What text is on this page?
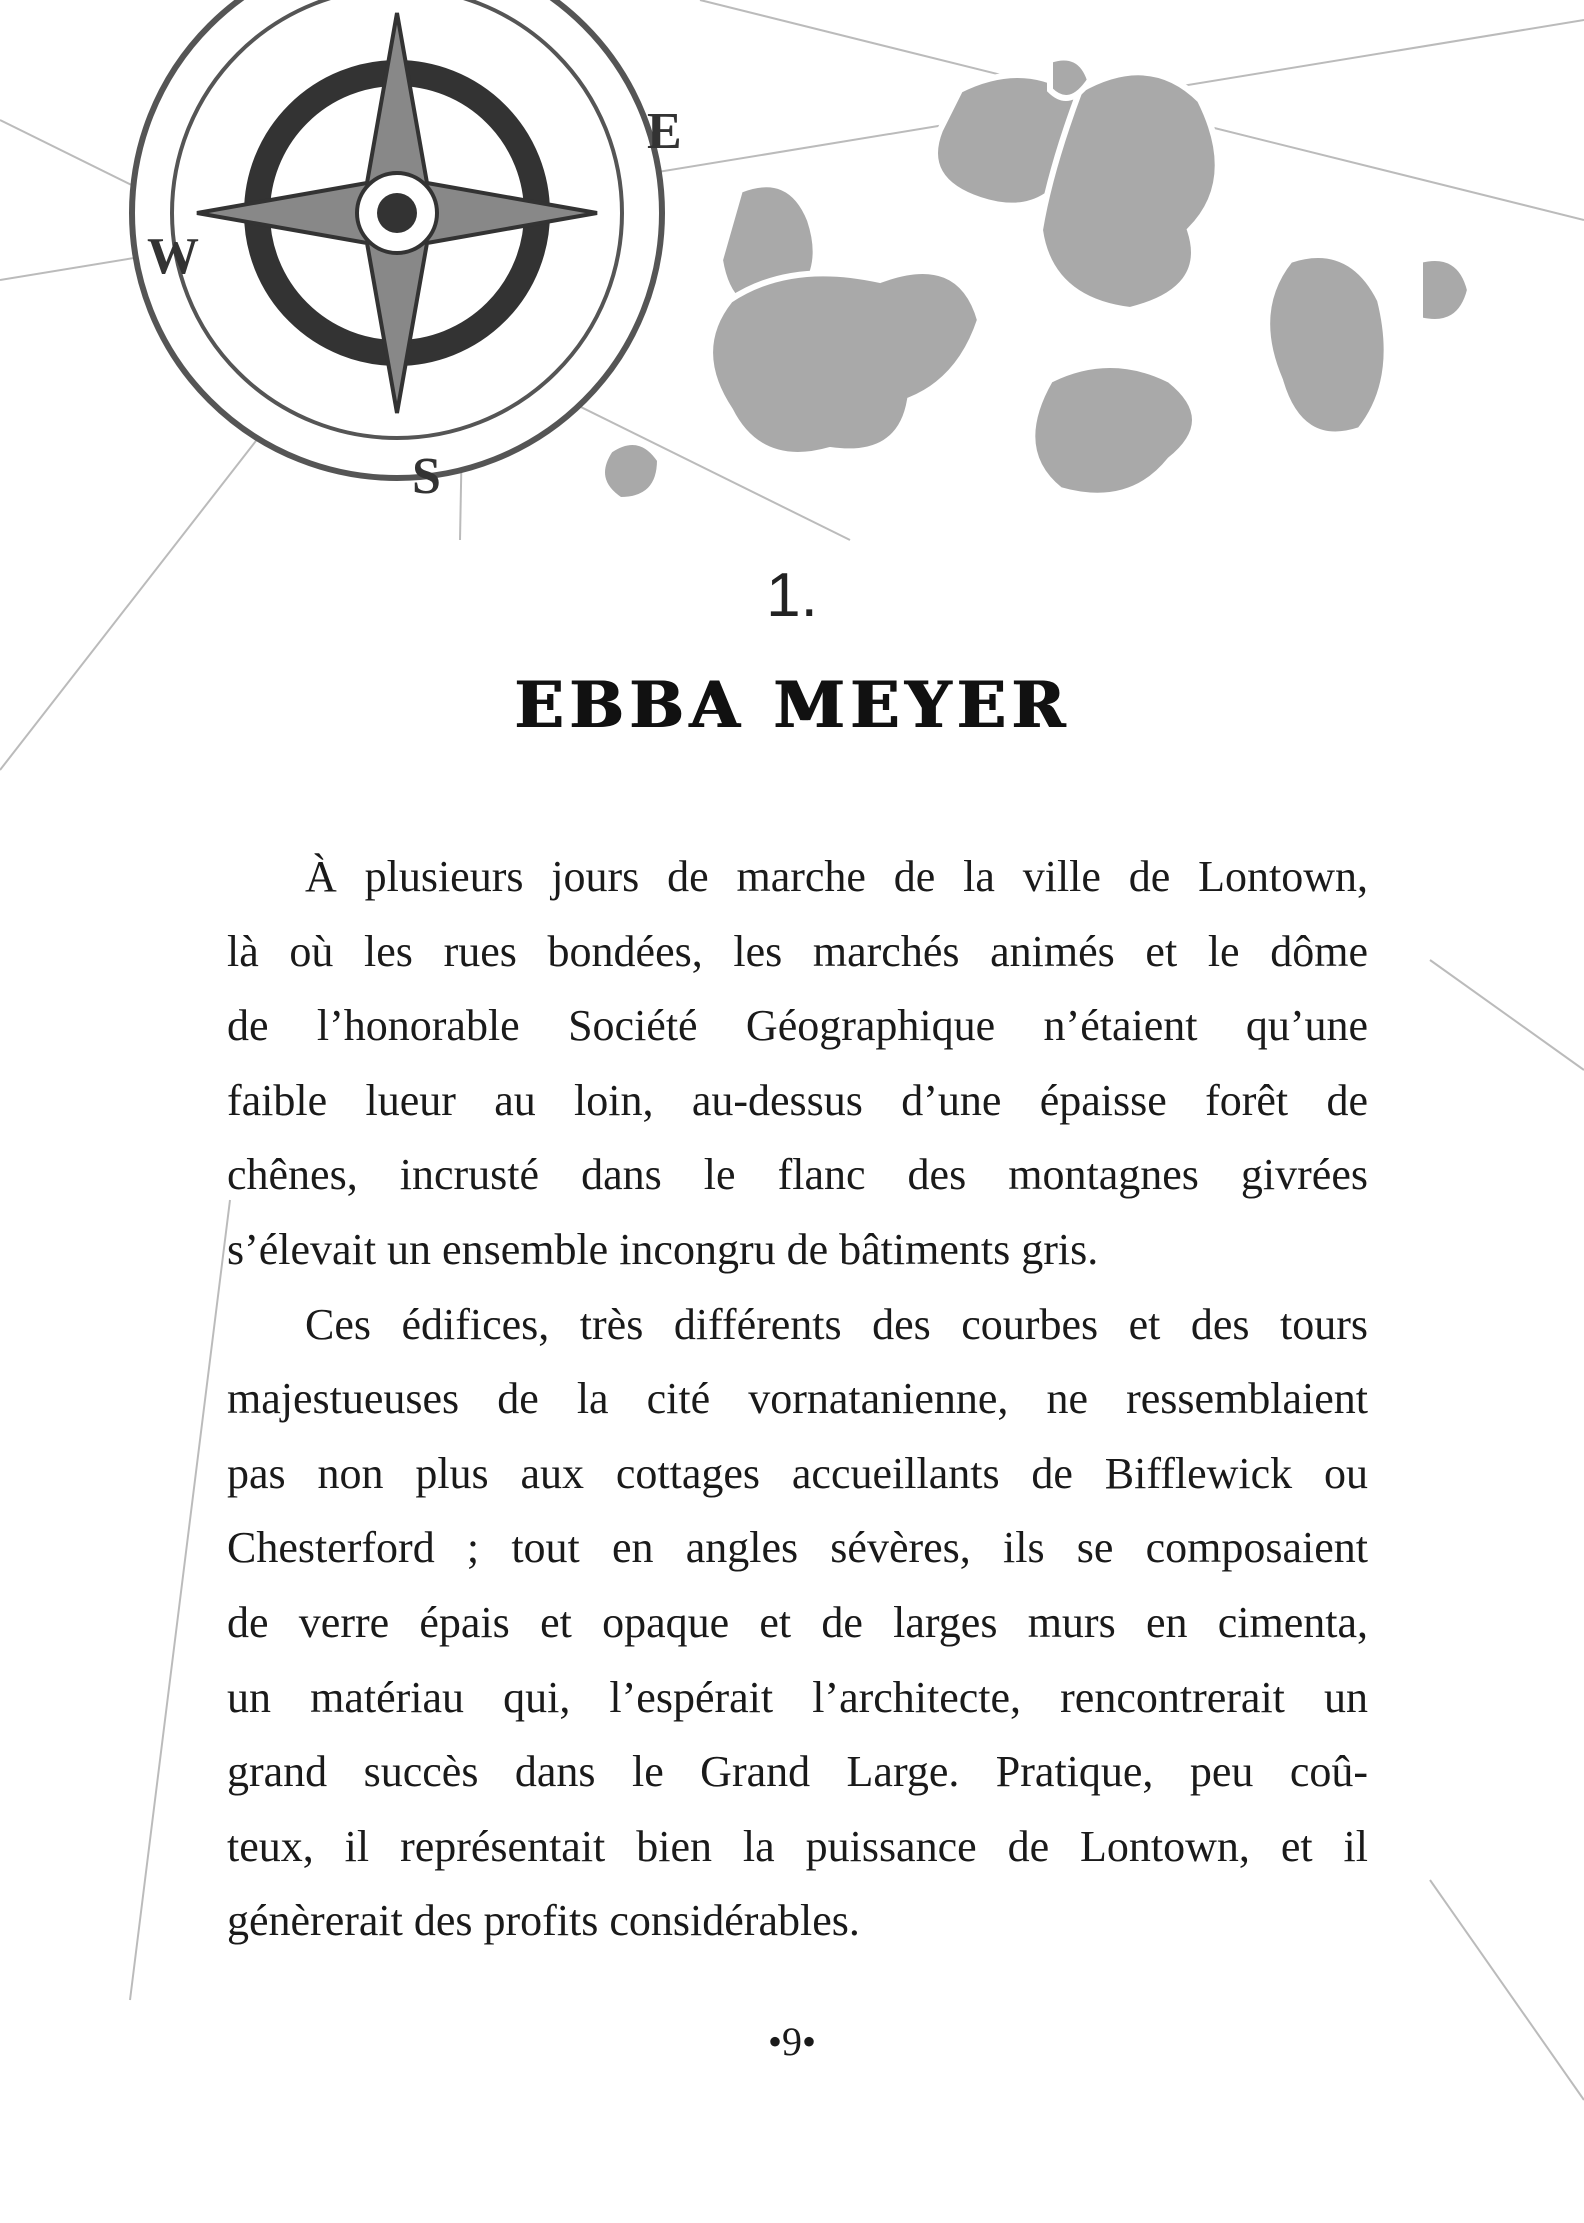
W
E
S
1.
EBBA MEYER
À plusieurs jours de marche de la ville de Lontown,
là où les rues bondées, les marchés animés et le dôme
de l’honorable Société Géographique n’étaient qu’une
faible lueur au loin, au-dessus d’une épaisse forêt de
chênes, incrusté dans le flanc des montagnes givrées
s’élevait un ensemble incongru de bâtiments gris.
Ces édifices, très différents des courbes et des tours
majestueuses de la cité vornatanienne, ne ressemblaient
pas non plus aux cottages accueillants de Bifflewick ou
Chesterford ; tout en angles sévères, ils se composaient
de verre épais et opaque et de larges murs en cimenta,
un matériau qui, l’espérait l’architecte, rencontrerait un
grand succès dans le Grand Large. Pratique, peu coû-
teux, il représentait bien la puissance de Lontown, et il
génèrerait des profits considérables.
•9•
